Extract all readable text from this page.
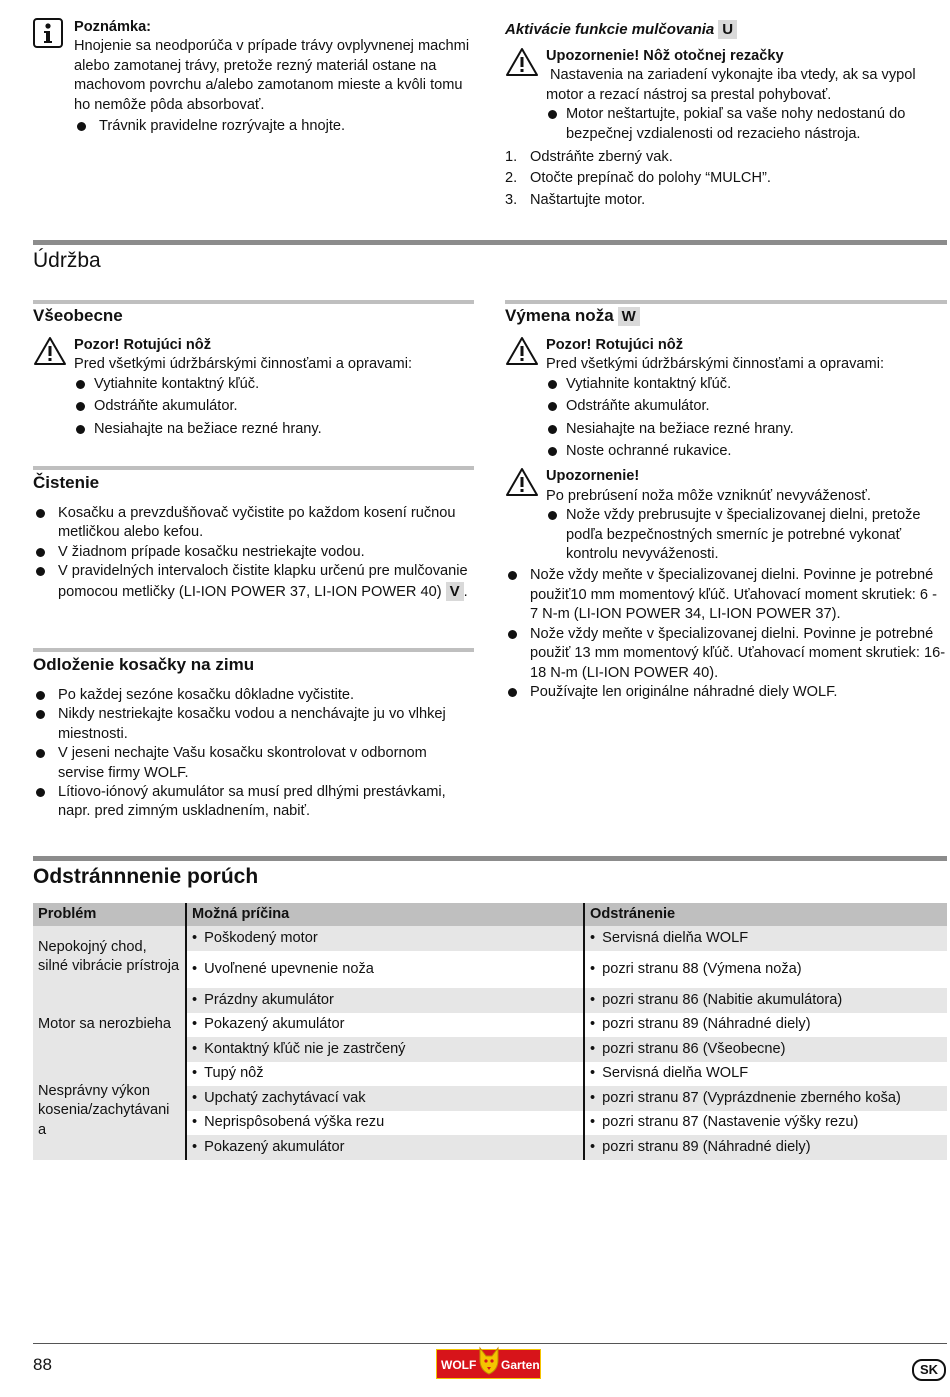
Poznámka:
Hnojenie sa neodporúča v prípade trávy ovplyvnenej machmi alebo zamotanej trávy, pretože rezný materiál ostane na machovom povrchu a/alebo zamotanom mieste a kvôli tomu ho nemôže pôda absorbovať.
Trávnik pravidelne rozrývajte a hnojte.
Aktivácie funkcie mulčovania U
Upozornenie! Nôž otočnej rezačky
Nastavenia na zariadení vykonajte iba vtedy, ak sa vypol motor a rezací nástroj sa prestal pohybovať.
Motor neštartujte, pokiaľ sa vaše nohy nedostanú do bezpečnej vzdialenosti od rezacieho nástroja.
1. Odstráňte zberný vak.
2. Otočte prepínač do polohy “MULCH”.
3. Naštartujte motor.
Údržba
Všeobecne
Pozor! Rotujúci nôž
Pred všetkými údržbárskými činnosťami a opravami:
Vytiahnite kontaktný kľúč.
Odstráňte akumulátor.
Nesiahajte na bežiace rezné hrany.
Čistenie
Kosačku a prevzdušňovač vyčistite po každom kosení ručnou metličkou alebo kefou.
V žiadnom prípade kosačku nestriekajte vodou.
V pravidelných intervaloch čistite klapku určenú pre mulčovanie pomocou metličky (LI-ION POWER 37, LI-ION POWER 40) V .
Odloženie kosačky na zimu
Po každej sezóne kosačku dôkladne vyčistite.
Nikdy nestriekajte kosačku vodou a nenchávajte ju vo vlhkej miestnosti.
V jeseni nechajte Vašu kosačku skontrolovat v odbornom servise firmy WOLF.
Lítiovo-iónový akumulátor sa musí pred dlhými prestávkami, napr. pred zimným uskladnením, nabiť.
Výmena noža W
Pozor! Rotujúci nôž
Pred všetkými údržbárskými činnosťami a opravami:
Vytiahnite kontaktný kľúč.
Odstráňte akumulátor.
Nesiahajte na bežiace rezné hrany.
Noste ochranné rukavice.
Upozornenie!
Po prebrúsení noža môže vzniknúť nevyváženosť.
Nože vždy prebrusujte v špecializovanej dielni, pretože podľa bezpečnostných smerníc je potrebné vykonať kontrolu nevyváženosti.
Nože vždy meňte v špecializovanej dielni. Povinne je potrebné použiť10 mm momentový kľúč. Uťahovací moment skrutiek: 6 - 7 N-m (LI-ION POWER 34, LI-ION POWER 37).
Nože vždy meňte v špecializovanej dielni. Povinne je potrebné použiť 13 mm momentový kľúč. Uťahovací moment skrutiek: 16-18 N-m (LI-ION POWER 40).
Používajte len originálne náhradné diely WOLF.
Odstránnnenie porúch
Problém	Možná príčina	Odstránenie
Nepokojný chod, silné vibrácie prístroja	• Poškodený motor	• Servisná dielňa WOLF
	• Uvoľnené upevnenie noža	• pozri stranu 88 (Výmena noža)
Motor sa nerozbieha	• Prázdny akumulátor	• pozri stranu 86 (Nabitie akumulátora)
	• Pokazený akumulátor	• pozri stranu 89 (Náhradné diely)
	• Kontaktný kľúč nie je zastrčený	• pozri stranu 86 (Všeobecne)
Nesprávny výkon kosenia/zachytávani a	• Tupý nôž	• Servisná dielňa WOLF
	• Upchatý zachytávací vak	• pozri stranu 87 (Vyprázdnenie zberného koša)
	• Neprispôsobená výška rezu	• pozri stranu 87 (Nastavenie výšky rezu)
	• Pokazený akumulátor	• pozri stranu 89 (Náhradné diely)
88	WOLF Garten	SK
